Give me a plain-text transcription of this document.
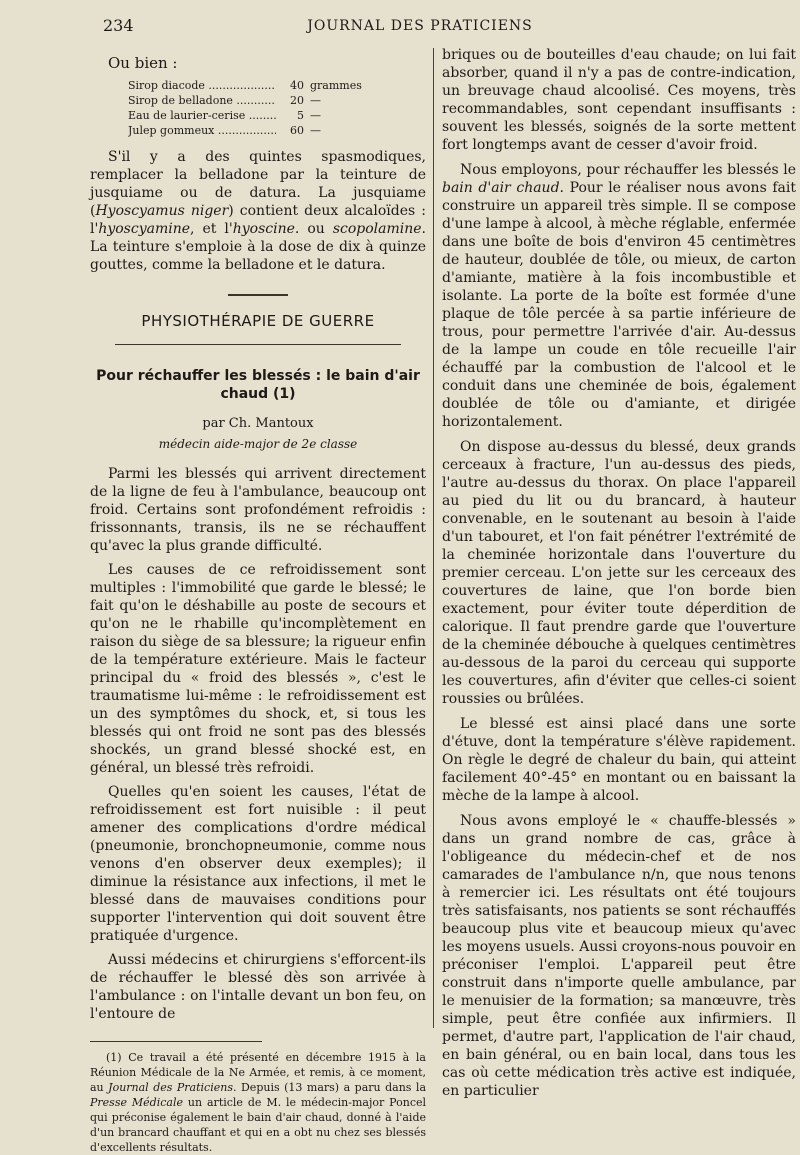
234	JOURNAL DES PRATICIENS
Ou bien :
Sirop diacode .....	40 grammes
Sirop de belladone .....	20 —
Eau de laurier-cerise .....	5 —
Julep gommeux .....	60 —

S'il y a des quintes spasmodiques, remplacer la belladone par la teinture de jusquiame ou de datura. La jusquiame (Hyoscyamus niger) contient deux alcaloïdes : l'hyoscyamine, et l'hyoscine. ou scopolamine. La teinture s'emploie à la dose de dix à quinze gouttes, comme la belladone et le datura.

PHYSIOTHÉRAPIE DE GUERRE
Pour réchauffer les blessés : le bain d'air chaud (1)
par Ch. Mantoux
médecin aide-major de 2e classe

Parmi les blessés qui arrivent directement de la ligne de feu à l'ambulance, beaucoup ont froid. Certains sont profondément refroidis : frissonnants, transis, ils ne se réchauffent qu'avec la plus grande difficulté.

Les causes de ce refroidissement sont multiples : l'immobilité que garde le blessé; le fait qu'on le déshabille au poste de secours et qu'on ne le rhabille qu'incomplètement en raison du siège de sa blessure; la rigueur enfin de la température extérieure. Mais le facteur principal du « froid des blessés », c'est le traumatisme lui-même : le refroidissement est un des symptômes du shock, et, si tous les blessés qui ont froid ne sont pas des blessés shockés, un grand blessé shocké est, en général, un blessé très refroidi.

Quelles qu'en soient les causes, l'état de refroidissement est fort nuisible : il peut amener des complications d'ordre médical (pneumonie, bronchopneumonie, comme nous venons d'en observer deux exemples); il diminue la résistance aux infections, il met le blessé dans de mauvaises conditions pour supporter l'intervention qui doit souvent être pratiquée d'urgence.

Aussi médecins et chirurgiens s'efforcent-ils de réchauffer le blessé dès son arrivée à l'ambulance : on l'intalle devant un bon feu, on l'entoure de

(1) Ce travail a été présenté en décembre 1915 à la Réunion Médicale de la Ne Armée, et remis, à ce moment, au Journal des Praticiens. Depuis (13 mars) a paru dans la Presse Médicale un article de M. le médecin-major Poncel qui préconise également le bain d'air chaud, donné à l'aide d'un brancard chauffant et qui en a obt nu chez ses blessés d'excellents résultats.

briques ou de bouteilles d'eau chaude; on lui fait absorber, quand il n'y a pas de contre-indication, un breuvage chaud alcoolisé. Ces moyens, très recommandables, sont cependant insuffisants : souvent les blessés, soignés de la sorte mettent fort longtemps avant de cesser d'avoir froid.

Nous employons, pour réchauffer les blessés le bain d'air chaud. Pour le réaliser nous avons fait construire un appareil très simple. Il se compose d'une lampe à alcool, à mèche réglable, enfermée dans une boîte de bois d'environ 45 centimètres de hauteur, doublée de tôle, ou mieux, de carton d'amiante, matière à la fois incombustible et isolante. La porte de la boîte est formée d'une plaque de tôle percée à sa partie inférieure de trous, pour permettre l'arrivée d'air. Au-dessus de la lampe un coude en tôle recueille l'air échauffé par la combustion de l'alcool et le conduit dans une cheminée de bois, également doublée de tôle ou d'amiante, et dirigée horizontalement.

On dispose au-dessus du blessé, deux grands cerceaux à fracture, l'un au-dessus des pieds, l'autre au-dessus du thorax. On place l'appareil au pied du lit ou du brancard, à hauteur convenable, en le soutenant au besoin à l'aide d'un tabouret, et l'on fait pénétrer l'extrémité de la cheminée horizontale dans l'ouverture du premier cerceau. L'on jette sur les cerceaux des couvertures de laine, que l'on borde bien exactement, pour éviter toute déperdition de calorique. Il faut prendre garde que l'ouverture de la cheminée débouche à quelques centimètres au-dessous de la paroi du cerceau qui supporte les couvertures, afin d'éviter que celles-ci soient roussies ou brûlées.

Le blessé est ainsi placé dans une sorte d'étuve, dont la température s'élève rapidement. On règle le degré de chaleur du bain, qui atteint facilement 40°-45° en montant ou en baissant la mèche de la lampe à alcool.

Nous avons employé le « chauffe-blessés » dans un grand nombre de cas, grâce à l'obligeance du médecin-chef et de nos camarades de l'ambulance n/n, que nous tenons à remercier ici. Les résultats ont été toujours très satisfaisants, nos patients se sont réchauffés beaucoup plus vite et beaucoup mieux qu'avec les moyens usuels. Aussi croyons-nous pouvoir en préconiser l'emploi. L'appareil peut être construit dans n'importe quelle ambulance, par le menuisier de la formation; sa manœuvre, très simple, peut être confiée aux infirmiers. Il permet, d'autre part, l'application de l'air chaud, en bain général, ou en bain local, dans tous les cas où cette médication très active est indiquée, en particulier
